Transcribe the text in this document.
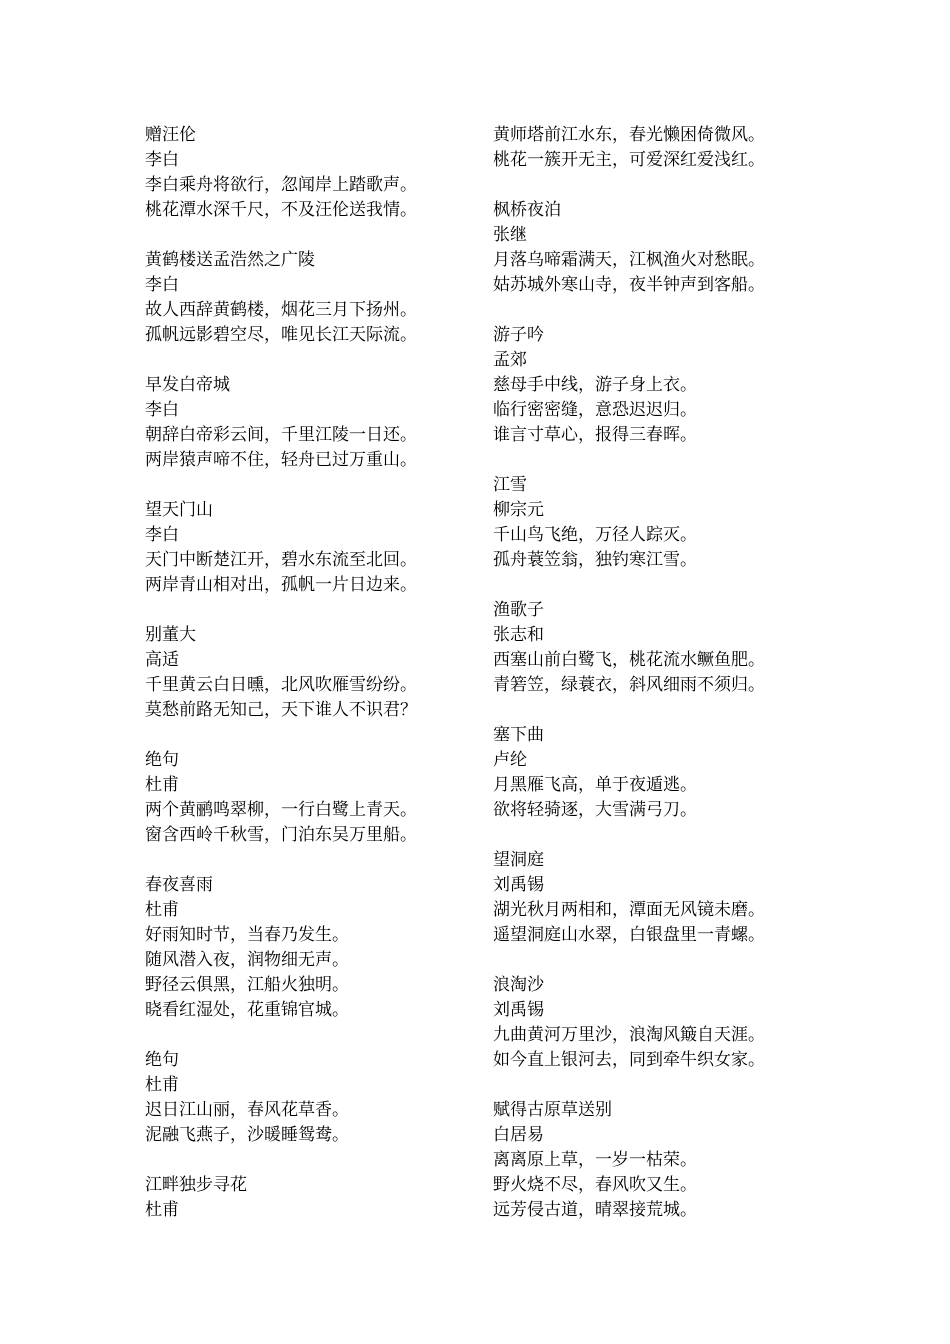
赠汪伦
李白
李白乘舟将欲行，忽闻岸上踏歌声。
桃花潭水深千尺，不及汪伦送我情。
黄鹤楼送孟浩然之广陵
李白
故人西辞黄鹤楼，烟花三月下扬州。
孤帆远影碧空尽，唯见长江天际流。
早发白帝城
李白
朝辞白帝彩云间，千里江陵一日还。
两岸猿声啼不住，轻舟已过万重山。
望天门山
李白
天门中断楚江开，碧水东流至北回。
两岸青山相对出，孤帆一片日边来。
别董大
高适
千里黄云白日曛，北风吹雁雪纷纷。
莫愁前路无知己，天下谁人不识君？
绝句
杜甫
两个黄鹂鸣翠柳，一行白鹭上青天。
窗含西岭千秋雪，门泊东吴万里船。
春夜喜雨
杜甫
好雨知时节，当春乃发生。
随风潜入夜，润物细无声。
野径云俱黑，江船火独明。
晓看红湿处，花重锦官城。
绝句
杜甫
迟日江山丽，春风花草香。
泥融飞燕子，沙暖睡鸳鸯。
江畔独步寻花
杜甫
黄师塔前江水东，春光懒困倚微风。
桃花一簇开无主，可爱深红爱浅红。
枫桥夜泊
张继
月落乌啼霜满天，江枫渔火对愁眠。
姑苏城外寒山寺，夜半钟声到客船。
游子吟
孟郊
慈母手中线，游子身上衣。
临行密密缝，意恐迟迟归。
谁言寸草心，报得三春晖。
江雪
柳宗元
千山鸟飞绝，万径人踪灭。
孤舟蓑笠翁，独钓寒江雪。
渔歌子
张志和
西塞山前白鹭飞，桃花流水鳜鱼肥。
青箬笠，绿蓑衣，斜风细雨不须归。
塞下曲
卢纶
月黑雁飞高，单于夜遁逃。
欲将轻骑逐，大雪满弓刀。
望洞庭
刘禹锡
湖光秋月两相和，潭面无风镜未磨。
遥望洞庭山水翠，白银盘里一青螺。
浪淘沙
刘禹锡
九曲黄河万里沙，浪淘风簸自天涯。
如今直上银河去，同到牵牛织女家。
赋得古原草送别
白居易
离离原上草，一岁一枯荣。
野火烧不尽，春风吹又生。
远芳侵古道，晴翠接荒城。
